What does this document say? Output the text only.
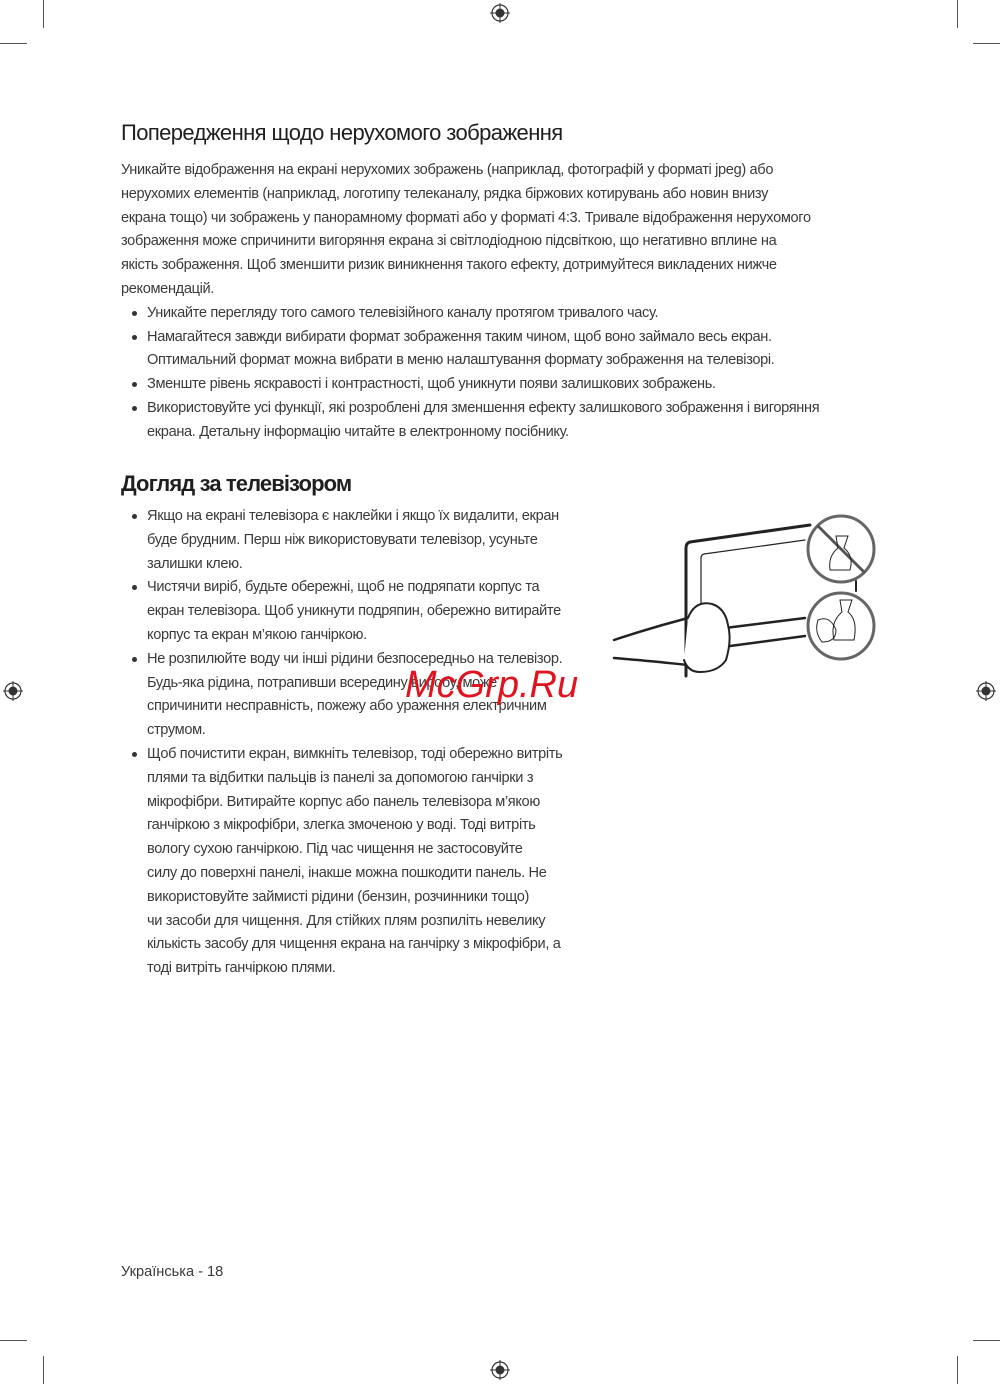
Попередження щодо нерухомого зображення
Уникайте відображення на екрані нерухомих зображень (наприклад, фотографій у форматі jpeg) або
нерухомих елементів (наприклад, логотипу телеканалу, рядка біржових котирувань або новин внизу
екрана тощо) чи зображень у панорамному форматі або у форматі 4:3. Тривале відображення нерухомого
зображення може спричинити вигоряння екрана зі світлодіодною підсвіткою, що негативно вплине на
якість зображення. Щоб зменшити ризик виникнення такого ефекту, дотримуйтеся викладених нижче
рекомендацій.
Уникайте перегляду того самого телевізійного каналу протягом тривалого часу.
Намагайтеся завжди вибирати формат зображення таким чином, щоб воно займало весь екран.
Оптимальний формат можна вибрати в меню налаштування формату зображення на телевізорі.
Зменште рівень яскравості і контрастності, щоб уникнути появи залишкових зображень.
Використовуйте усі функції, які розроблені для зменшення ефекту залишкового зображення і вигоряння
екрана. Детальну інформацію читайте в електронному посібнику.
Догляд за телевізором
Якщо на екрані телевізора є наклейки і якщо їх видалити, екран
буде брудним. Перш ніж використовувати телевізор, усуньте
залишки клею.
Чистячи виріб, будьте обережні, щоб не подряпати корпус та
екран телевізора. Щоб уникнути подряпин, обережно витирайте
корпус та екран м’якою ганчіркою.
Не розпилюйте воду чи інші рідини безпосередньо на телевізор.
Будь-яка рідина, потрапивши всередину виробу, може
спричинити несправність, пожежу або ураження електричним
струмом.
Щоб почистити екран, вимкніть телевізор, тоді обережно витріть
плями та відбитки пальців із панелі за допомогою ганчірки з
мікрофібри. Витирайте корпус або панель телевізора м’якою
ганчіркою з мікрофібри, злегка змоченою у воді. Тоді витріть
вологу сухою ганчіркою. Під час чищення не застосовуйте
силу до поверхні панелі, інакше можна пошкодити панель. Не
використовуйте займисті рідини (бензин, розчинники тощо)
чи засоби для чищення. Для стійких плям розпиліть невелику
кількість засобу для чищення екрана на ганчірку з мікрофібри, а
тоді витріть ганчіркою плями.
Українська - 18
McGrp.Ru
